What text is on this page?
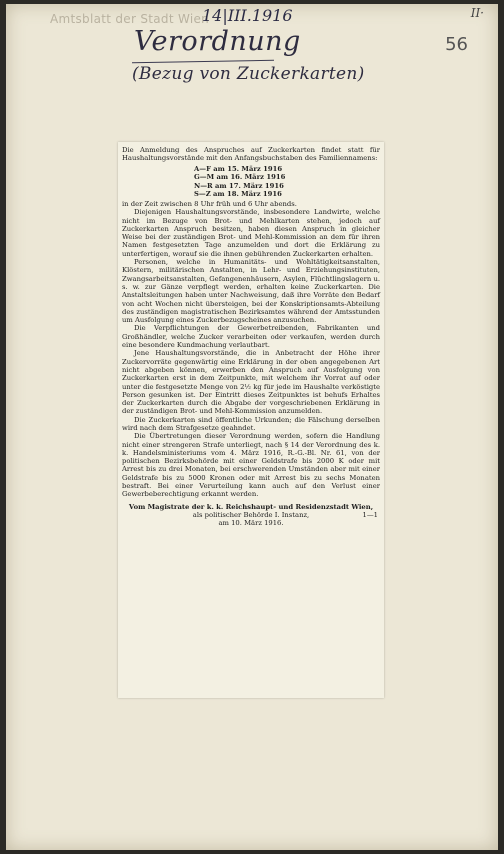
Amtsblatt der Stadt Wien
14|III.1916	II·
Verordnung
(Bezug von Zuckerkarten)
56

Die Anmeldung des Anspruches auf Zuckerkarten findet statt für Haushaltungsvorstände mit den Anfangsbuchstaben des Familiennamens:

A—F am 15. März 1916
G—M am 16. März 1916
N—R am 17. März 1916
S—Z am 18. März 1916

in der Zeit zwischen 8 Uhr früh und 6 Uhr abends.

Diejenigen Haushaltungsvorstände, insbesondere Landwirte, welche nicht im Bezuge von Brot- und Mehlkarten stehen, jedoch auf Zuckerkarten Anspruch besitzen, haben diesen Anspruch in gleicher Weise bei der zuständigen Brot- und Mehl-Kommission an dem für ihren Namen festgesetzten Tage anzumelden und dort die Erklärung zu unterfertigen, worauf sie die ihnen gebührenden Zuckerkarten erhalten.

Personen, welche in Humanitäts- und Wohltätigkeitsanstalten, Klöstern, militärischen Anstalten, in Lehr- und Erziehungsinstituten, Zwangsarbeitsanstalten, Gefangenenhäusern, Asylen, Flüchtlingslagern u. s. w. zur Gänze verpflegt werden, erhalten keine Zuckerkarten. Die Anstaltsleitungen haben unter Nachweisung, daß ihre Vorräte den Bedarf von acht Wochen nicht übersteigen, bei der Konskriptionsamts-Abteilung des zuständigen magistratischen Bezirksamtes während der Amtsstunden um Ausfolgung eines Zuckerbezugscheines anzusuchen.

Die Verpflichtungen der Gewerbetreibenden, Fabrikanten und Großhändler, welche Zucker verarbeiten oder verkaufen, werden durch eine besondere Kundmachung verlautbart.

Jene Haushaltungsvorstände, die in Anbetracht der Höhe ihrer Zuckervorräte gegenwärtig eine Erklärung in der oben angegebenen Art nicht abgeben können, erwerben den Anspruch auf Ausfolgung von Zuckerkarten erst in dem Zeitpunkte, mit welchem ihr Vorrat auf oder unter die festgesetzte Menge von 2½ kg für jede im Haushalte verköstigte Person gesunken ist. Der Eintritt dieses Zeitpunktes ist behufs Erhaltes der Zuckerkarten durch die Abgabe der vorgeschriebenen Erklärung in der zuständigen Brot- und Mehl-Kommission anzumelden.

Die Zuckerkarten sind öffentliche Urkunden; die Fälschung derselben wird nach dem Strafgesetze geahndet.

Die Übertretungen dieser Verordnung werden, sofern die Handlung nicht einer strengeren Strafe unterliegt, nach § 14 der Verordnung des k. k. Handelsministeriums vom 4. März 1916, R.-G.-Bl. Nr. 61, von der politischen Bezirksbehörde mit einer Geldstrafe bis 2000 K oder mit Arrest bis zu drei Monaten, bei erschwerenden Umständen aber mit einer Geldstrafe bis zu 5000 Kronen oder mit Arrest bis zu sechs Monaten bestraft. Bei einer Verurteilung kann auch auf den Verlust einer Gewerbeberechtigung erkannt werden.

Vom Magistrate der k. k. Reichshaupt- und Residenzstadt Wien,
als politischer Behörde I. Instanz,	1—1
am 10. März 1916.
